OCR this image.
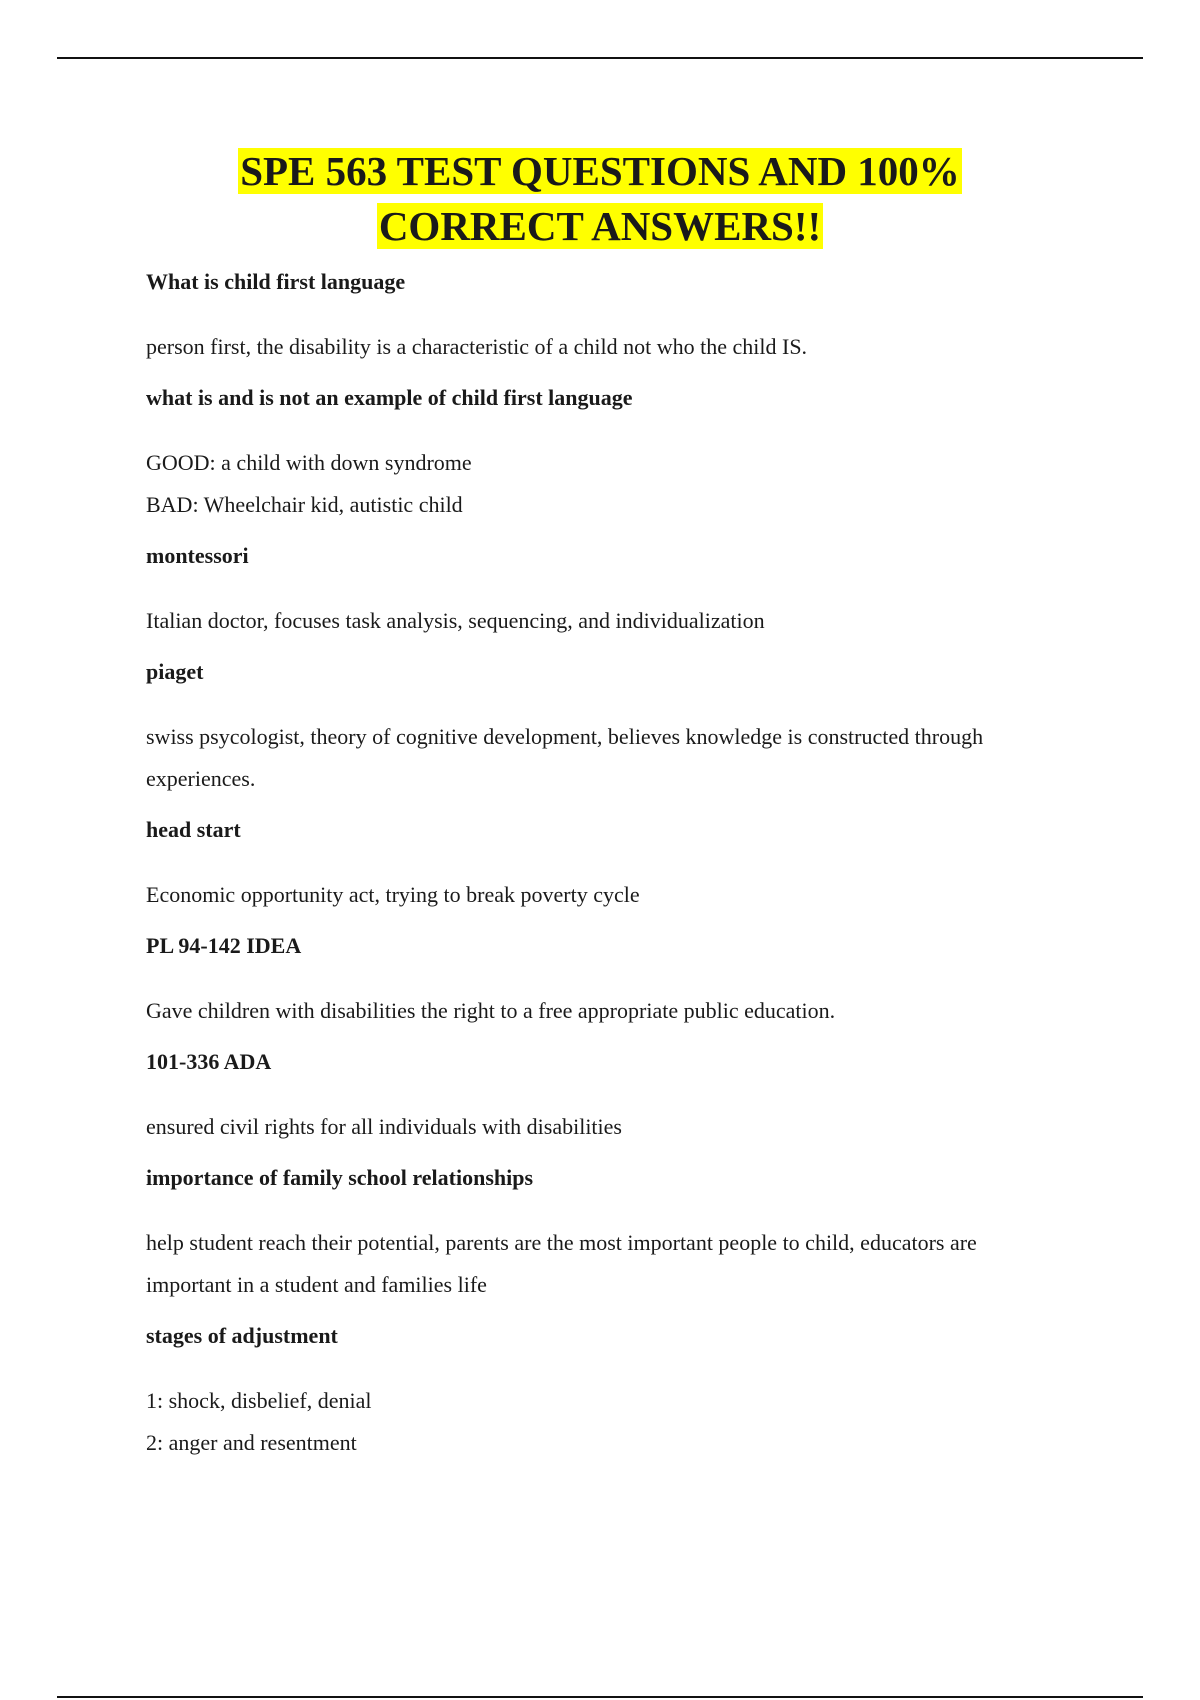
SPE 563 TEST QUESTIONS AND 100%
CORRECT ANSWERS!!

What is child first language

person first, the disability is a characteristic of a child not who the child IS.

what is and is not an example of child first language

GOOD: a child with down syndrome
BAD: Wheelchair kid, autistic child

montessori

Italian doctor, focuses task analysis, sequencing, and individualization

piaget

swiss psycologist, theory of cognitive development, believes knowledge is constructed through
experiences.

head start

Economic opportunity act, trying to break poverty cycle

PL 94-142 IDEA

Gave children with disabilities the right to a free appropriate public education.

101-336 ADA

ensured civil rights for all individuals with disabilities

importance of family school relationships

help student reach their potential, parents are the most important people to child, educators are
important in a student and families life

stages of adjustment

1: shock, disbelief, denial
2: anger and resentment
